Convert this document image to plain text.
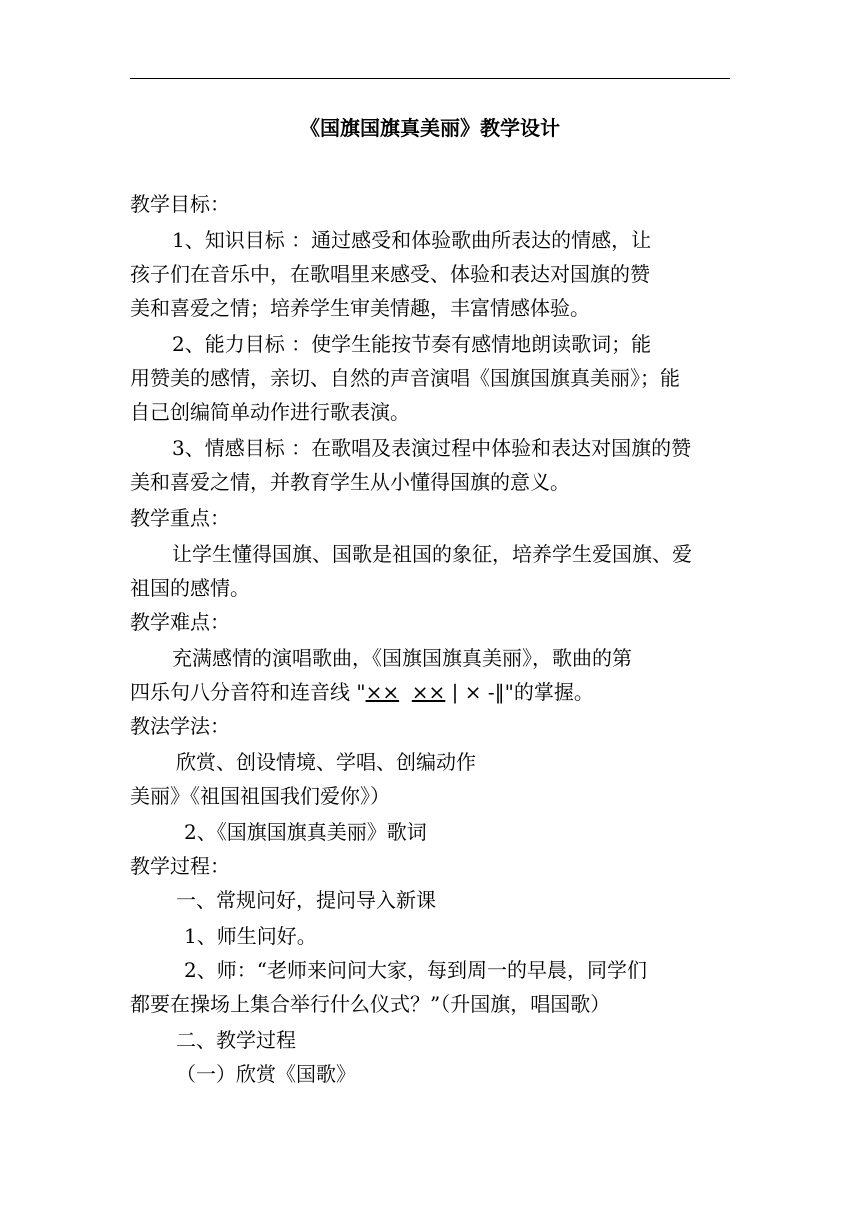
《国旗国旗真美丽》教学设计
教学目标：
1、知识目标 ：通过感受和体验歌曲所表达的情感，让
孩子们在音乐中，在歌唱里来感受、体验和表达对国旗的赞
美和喜爱之情；培养学生审美情趣，丰富情感体验。
2、能力目标 ：使学生能按节奏有感情地朗读歌词；能
用赞美的感情，亲切、自然的声音演唱《国旗国旗真美丽》；能
自己创编简单动作进行歌表演。
3、情感目标 ：在歌唱及表演过程中体验和表达对国旗的赞
美和喜爱之情，并教育学生从小懂得国旗的意义。
教学重点：
让学生懂得国旗、国歌是祖国的象征，培养学生爱国旗、爱
祖国的感情。
教学难点：
充满感情的演唱歌曲，《国旗国旗真美丽》，歌曲的第
四乐句八分音符和连音线 "×× ×× | × -‖"的掌握。
教法学法：
欣赏、创设情境、学唱、创编动作
美丽》《祖国祖国我们爱你》）
2、《国旗国旗真美丽》歌词
教学过程：
一、常规问好，提问导入新课
1、师生问好。
2、师：“老师来问问大家，每到周一的早晨，同学们
都要在操场上集合举行什么仪式？”（升国旗，唱国歌）
二、教学过程
（一）欣赏《国歌》
